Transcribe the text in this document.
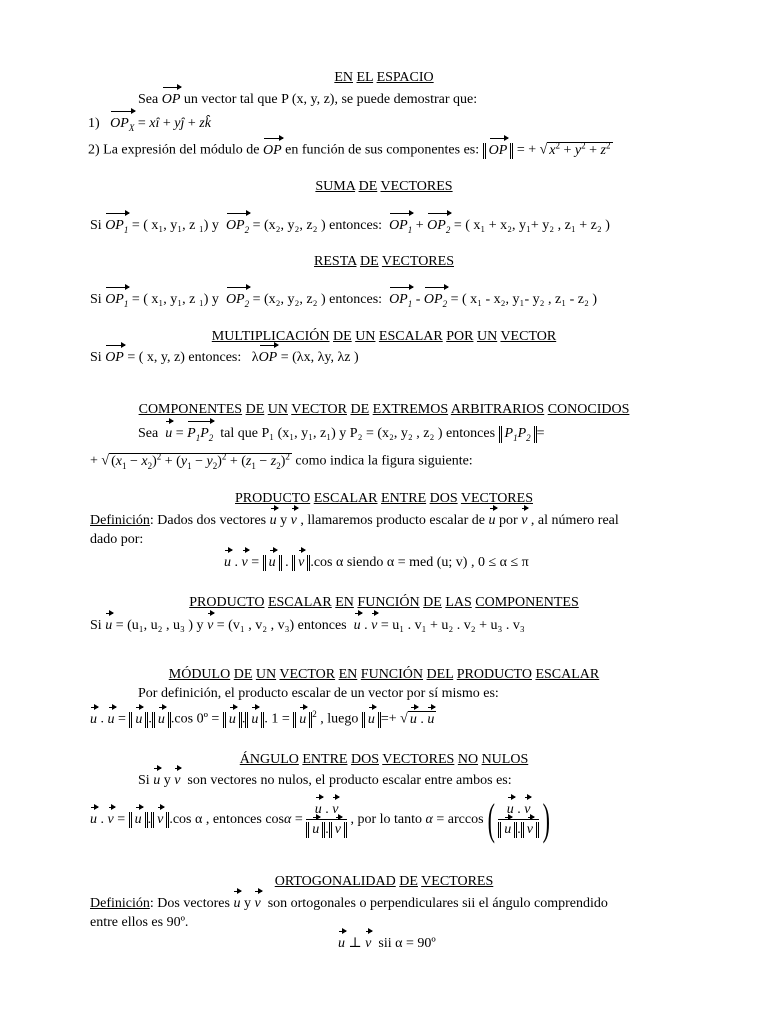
EN EL ESPACIO
Sea OP un vector tal que P (x, y, z), se puede demostrar que:
1) $OP_X$ = xî + yĵ + zk̂
2) La expresión del módulo de OP en función de sus componentes es: OP = + √ $x^2 + y^2 + z^2$
SUMA DE VECTORES
Si $OP_1$ = ( x₁, y₁, z ₁) y $OP_2 = (x_2$, y₂, z₂ ) entonces: $OP_1 + OP_2$ = ( x₁ + x₂, y₁+ y₂ , z₁ + z₂ )
RESTA DE VECTORES
Si $OP_1$ = ( x₁, y₁, z ₁) y $OP_2 = (x_2$, y₂, z₂ ) entonces: $OP_1 - OP_2$ = ( x₁ - x₂, y₁- y₂ , z₁ - z₂ )
MULTIPLICACIÓN DE UN ESCALAR POR UN VECTOR
Si OP = ( x, y, z) entonces:   λOP = (λx, λy, λz )
COMPONENTES DE UN VECTOR DE EXTREMOS ARBITRARIOS CONOCIDOS
Sea $u = P_1P_2$ tal que P₁ (x₁, y₁, z₁) y P₂ = (x₂, y₂ , z₂ ) entonces $P_1P_2$ =
+ √ $(x_1 - x_2)^2 + (y_1 - y_2)^2 + (z_1 - z_2)^2$ como indica la figura siguiente:
PRODUCTO ESCALAR ENTRE DOS VECTORES
Definición: Dados dos vectores u y v , llamaremos producto escalar de u por v , al número real
dado por:
u . v = u . v .cos α siendo α = med (u; v) , 0 ≤ α ≤ π
PRODUCTO ESCALAR EN FUNCIÓN DE LAS COMPONENTES
Si u = (u₁, u₂ , u₃ ) y v = (v₁ , v₂ , v₃) entonces u . v = u₁ . v₁ + u₂ . v₂ + u₃ . v₃
MÓDULO DE UN VECTOR EN FUNCIÓN DEL PRODUCTO ESCALAR
Por definición, el producto escalar de un vector por sí mismo es:
u . u = u . u .cos 0º = u . u . 1 = u $^2$ , luego u =+ √ u . u
ÁNGULO ENTRE DOS VECTORES NO NULOS
Si u y v son vectores no nulos, el producto escalar entre ambos es:
u . v = u . v .cos α , entonces $\cos\alpha = \frac{u . v}{u . v}$ , por lo tanto $\alpha = \arccos( \frac{u . v}{u . v}$ )
ORTOGONALIDAD DE VECTORES
Definición: Dos vectores u y v son ortogonales o perpendiculares sii el ángulo comprendido
entre ellos es 90º.
u ⊥ v sii α = 90º
